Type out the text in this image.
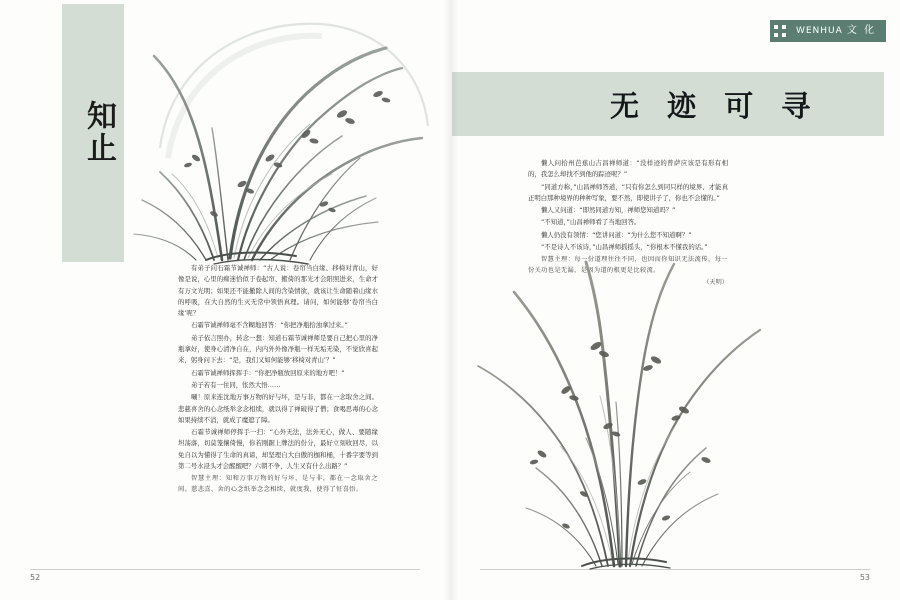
知止

有弟子问石霜节诚禅师：“古人说：卷帘当白缘、移椅对青山，好像是说，心里的痴迷恰似于卷起帘、搬倚的那光才会阳照进来，生命才有万文光明；如果还不能撤除人间的含染情欲，就该让生命随着山缘水的呼吸，在大自然的生灭无常中领悟真理。请问，如何能够‘卷帘当白缘’呢？

石霜节诚禅师毫不含糊地回答：“你把净瓶拾浊拿过来。”

弟子依言照办，转念一想：知道石霜节诚禅师是要自己把心里的净瓶拿好，使身心清净自在，内内外外像净瓶一样无垢无染，不觉欣喜起来，躬身问下去：“是，我们又如何能够‘移椅对青山’？”

石霜节诚禅师挥挥手：“你把净瓶放回原来的地方吧！”

弟子若有一住同，怅然大悟……

唰！原来连沈地万事万物的好与坏，是与非，都在一念取舍之间。悲慈喜舍的心念纸举念念相续，就以得了禅破得了僧；食喝思毒的心念如果持续不消，就成了魔遮了障。

石霜节诚禅师停挥手一扫：“心外无法，法外无心，做人、要随缘坦荡落，切莫笼攘倚慢，你若刚踞上牌法的份分，最好立刻收回尽，以免自以为懂得了生命的真谛，却坚理自大白傲的枷和桶，十番字要等到第二号水浸头才会醒醒吧？六朝不争，人生又有什么出路？”

智慧主理：知和万事万物的好与坏，是与非，都在一念取舍之间。慈悲喜、舍的心念纸举念念相续，就度我，使得了怔喜悟。

52	53
WENHUA 文 化
无 迹 可 寻

懒人问拾州芭蕉山吉昌禅师道：“没样迹的普萨应该是有形有相的，我怎么却找不到他的踪迹呢？”

“同道方称，”山昌禅师答道，“只有你怎么到同只样的境界、才能真正明白那种境界的种种写象，要不然，即使讲子了，你也不会懂的。”

懒人又问道：“即然同道方知，禅师您知道吗？”

“不知道，”山昌禅师看了当地回答。

懒人仍没有领情：“您讲问道：“为什么您不知道啊？”

“不是诗人不该诗，”山昌禅师摇摇头，“你根本不懂我的话。”

智慧主理：每一份道理往往不同，也因而你知识无法流传，每一份关功也是无漏，是因为道的根更是比较流。

（天明）
